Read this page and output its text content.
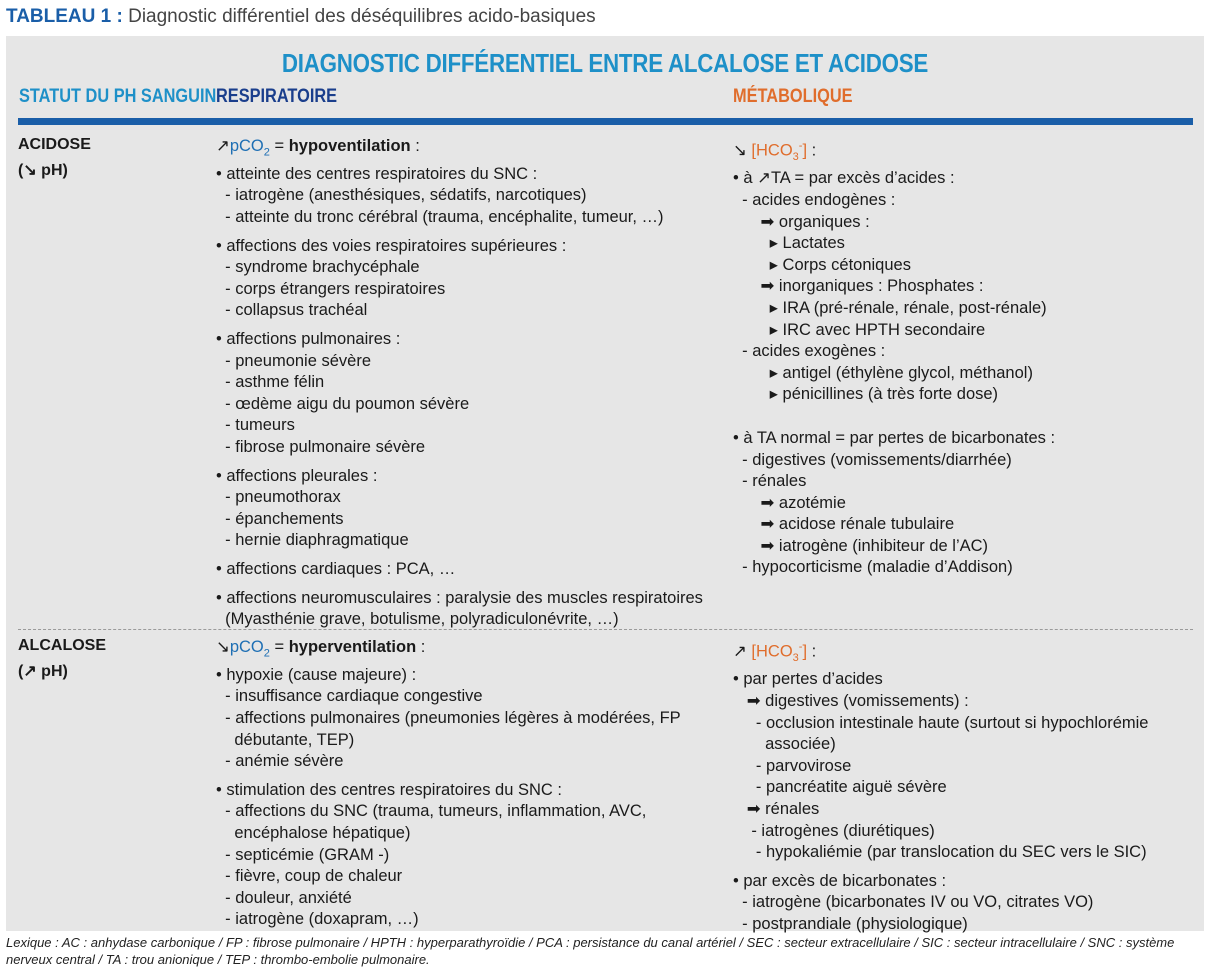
TABLEAU 1 : Diagnostic différentiel des déséquilibres acido-basiques
DIAGNOSTIC DIFFÉRENTIEL ENTRE ALCALOSE ET ACIDOSE
STATUT DU PH SANGUIN RESPIRATOIRE	MÉTABOLIQUE
ACIDOSE
(↘ pH)
↗pCO$_2$ = hypoventilation :
• atteinte des centres respiratoires du SNC :
- iatrogène (anesthésiques, sédatifs, narcotiques)
- atteinte du tronc cérébral (trauma, encéphalite, tumeur, …)
• affections des voies respiratoires supérieures :
- syndrome brachycéphale
- corps étrangers respiratoires
- collapsus trachéal
• affections pulmonaires :
- pneumonie sévère
- asthme félin
- œdème aigu du poumon sévère
- tumeurs
- fibrose pulmonaire sévère
• affections pleurales :
- pneumothorax
- épanchements
- hernie diaphragmatique
• affections cardiaques : PCA, …
• affections neuromusculaires : paralysie des muscles respiratoires
(Myasthénie grave, botulisme, polyradiculonévrite, …)
↘ $[HCO_3^-]$ :
• à ↗TA = par excès d’acides :
- acides endogènes :
➡ organiques :
▸ Lactates
▸ Corps cétoniques
➡ inorganiques : Phosphates :
▸ IRA (pré-rénale, rénale, post-rénale)
▸ IRC avec HPTH secondaire
- acides exogènes :
▸ antigel (éthylène glycol, méthanol)
▸ pénicillines (à très forte dose)
• à TA normal = par pertes de bicarbonates :
- digestives (vomissements/diarrhée)
- rénales
➡ azotémie
➡ acidose rénale tubulaire
➡ iatrogène (inhibiteur de l’AC)
- hypocorticisme (maladie d’Addison)
ALCALOSE
(↗ pH)
↘pCO$_2$ = hyperventilation :
• hypoxie (cause majeure) :
- insuffisance cardiaque congestive
- affections pulmonaires (pneumonies légères à modérées, FP
débutante, TEP)
- anémie sévère
• stimulation des centres respiratoires du SNC :
- affections du SNC (trauma, tumeurs, inflammation, AVC,
encéphalose hépatique)
- septicémie (GRAM -)
- fièvre, coup de chaleur
- douleur, anxiété
- iatrogène (doxapram, …)
↗ $[HCO_3^-]$ :
• par pertes d’acides
➡ digestives (vomissements) :
- occlusion intestinale haute (surtout si hypochlorémie
associée)
- parvovirose
- pancréatite aiguë sévère
➡ rénales
- iatrogènes (diurétiques)
- hypokaliémie (par translocation du SEC vers le SIC)
• par excès de bicarbonates :
- iatrogène (bicarbonates IV ou VO, citrates VO)
- postprandiale (physiologique)
Lexique : AC : anhydase carbonique / FP : fibrose pulmonaire / HPTH : hyperparathyroïdie / PCA : persistance du canal artériel / SEC : secteur extracellulaire / SIC : secteur intracellulaire / SNC : système nerveux central / TA : trou anionique / TEP : thrombo-embolie pulmonaire.
